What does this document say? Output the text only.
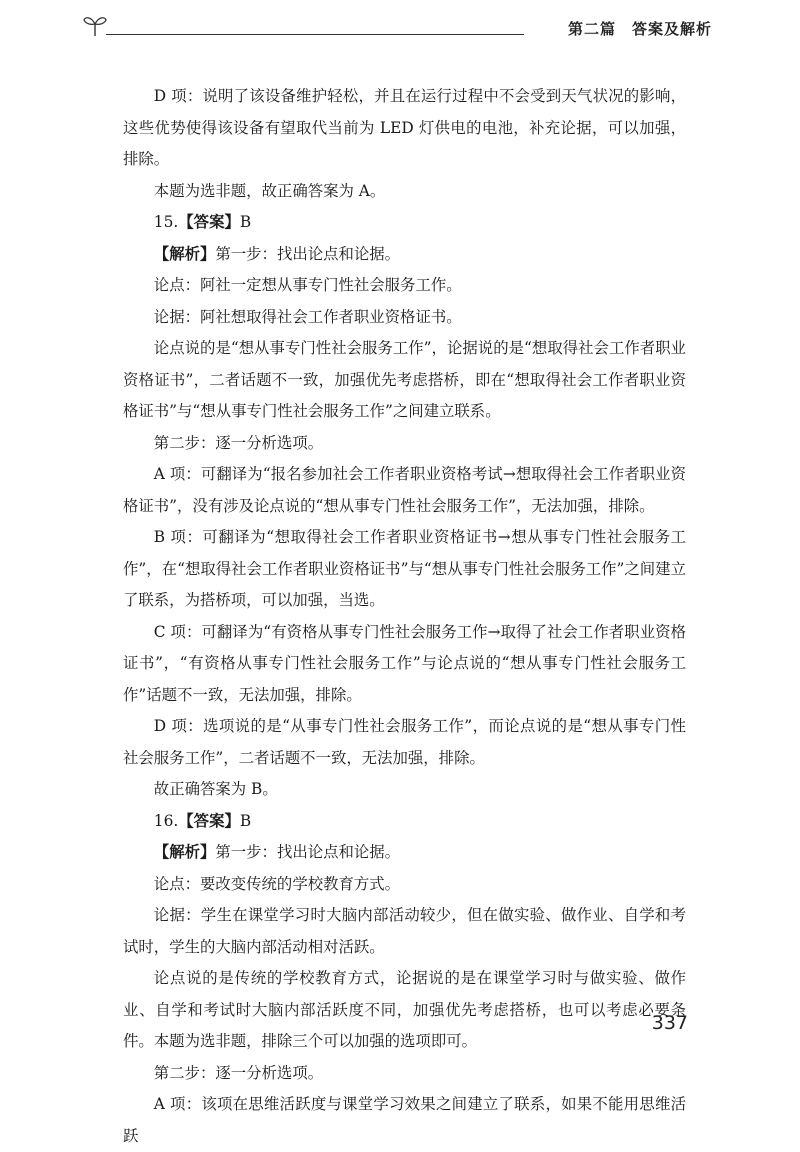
第二篇　答案及解析

D 项：说明了该设备维护轻松，并且在运行过程中不会受到天气状况的影响，这些优势使得该设备有望取代当前为 LED 灯供电的电池，补充论据，可以加强，排除。

本题为选非题，故正确答案为 A。

15.【答案】B

【解析】第一步：找出论点和论据。

论点：阿社一定想从事专门性社会服务工作。

论据：阿社想取得社会工作者职业资格证书。

论点说的是“想从事专门性社会服务工作”，论据说的是“想取得社会工作者职业资格证书”，二者话题不一致，加强优先考虑搭桥，即在“想取得社会工作者职业资格证书”与“想从事专门性社会服务工作”之间建立联系。

第二步：逐一分析选项。

A 项：可翻译为“报名参加社会工作者职业资格考试→想取得社会工作者职业资格证书”，没有涉及论点说的“想从事专门性社会服务工作”，无法加强，排除。

B 项：可翻译为“想取得社会工作者职业资格证书→想从事专门性社会服务工作”，在“想取得社会工作者职业资格证书”与“想从事专门性社会服务工作”之间建立了联系，为搭桥项，可以加强，当选。

C 项：可翻译为“有资格从事专门性社会服务工作→取得了社会工作者职业资格证书”，“有资格从事专门性社会服务工作”与论点说的“想从事专门性社会服务工作”话题不一致，无法加强，排除。

D 项：选项说的是“从事专门性社会服务工作”，而论点说的是“想从事专门性社会服务工作”，二者话题不一致，无法加强，排除。

故正确答案为 B。

16.【答案】B

【解析】第一步：找出论点和论据。

论点：要改变传统的学校教育方式。

论据：学生在课堂学习时大脑内部活动较少，但在做实验、做作业、自学和考试时，学生的大脑内部活动相对活跃。

论点说的是传统的学校教育方式，论据说的是在课堂学习时与做实验、做作业、自学和考试时大脑内部活跃度不同，加强优先考虑搭桥，也可以考虑必要条件。本题为选非题，排除三个可以加强的选项即可。

第二步：逐一分析选项。

A 项：该项在思维活跃度与课堂学习效果之间建立了联系，如果不能用思维活跃

337
